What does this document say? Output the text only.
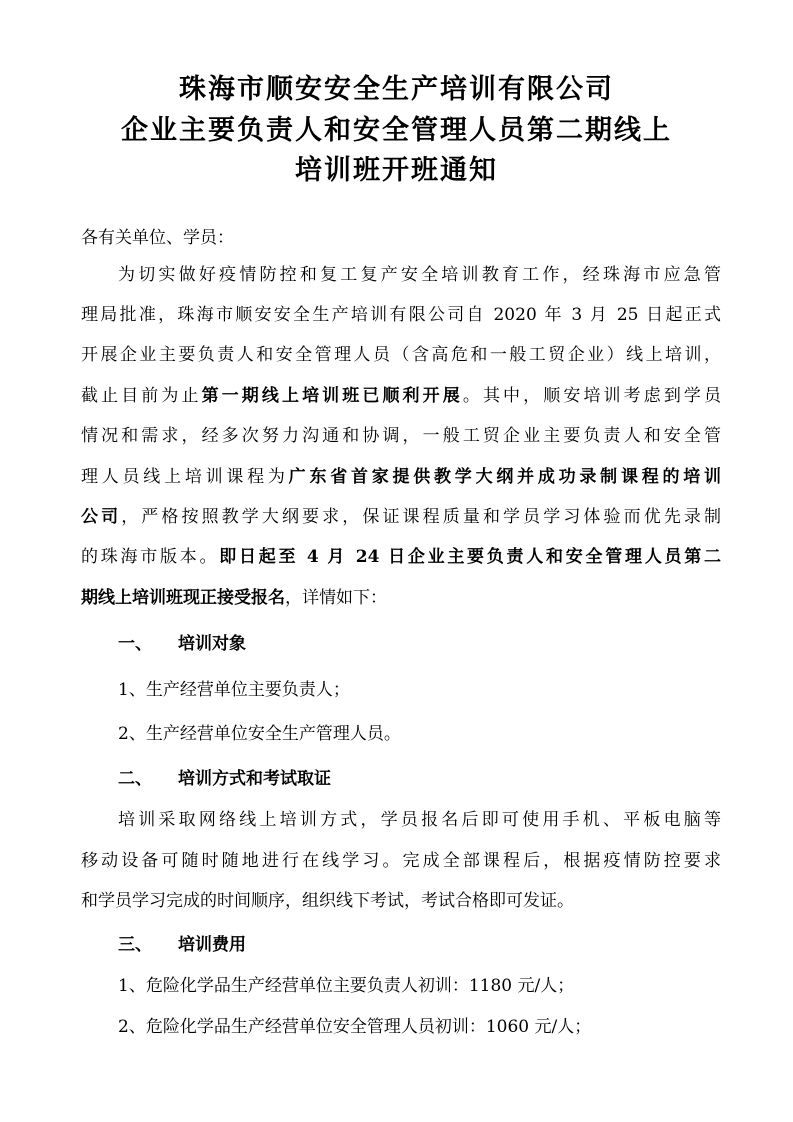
珠海市顺安安全生产培训有限公司
企业主要负责人和安全管理人员第二期线上
培训班开班通知
各有关单位、学员：
为切实做好疫情防控和复工复产安全培训教育工作，经珠海市应急管
理局批准，珠海市顺安安全生产培训有限公司自 2020 年 3 月 25 日起正式
开展企业主要负责人和安全管理人员（含高危和一般工贸企业）线上培训，
截止目前为止第一期线上培训班已顺利开展。其中，顺安培训考虑到学员
情况和需求，经多次努力沟通和协调，一般工贸企业主要负责人和安全管
理人员线上培训课程为广东省首家提供教学大纲并成功录制课程的培训
公司，严格按照教学大纲要求，保证课程质量和学员学习体验而优先录制
的珠海市版本。即日起至 4 月 24 日企业主要负责人和安全管理人员第二
期线上培训班现正接受报名，详情如下：
一、 培训对象
1、生产经营单位主要负责人；
2、生产经营单位安全生产管理人员。
二、 培训方式和考试取证
培训采取网络线上培训方式，学员报名后即可使用手机、平板电脑等
移动设备可随时随地进行在线学习。完成全部课程后，根据疫情防控要求
和学员学习完成的时间顺序，组织线下考试，考试合格即可发证。
三、 培训费用
1、危险化学品生产经营单位主要负责人初训：1180 元/人；
2、危险化学品生产经营单位安全管理人员初训：1060 元/人；
